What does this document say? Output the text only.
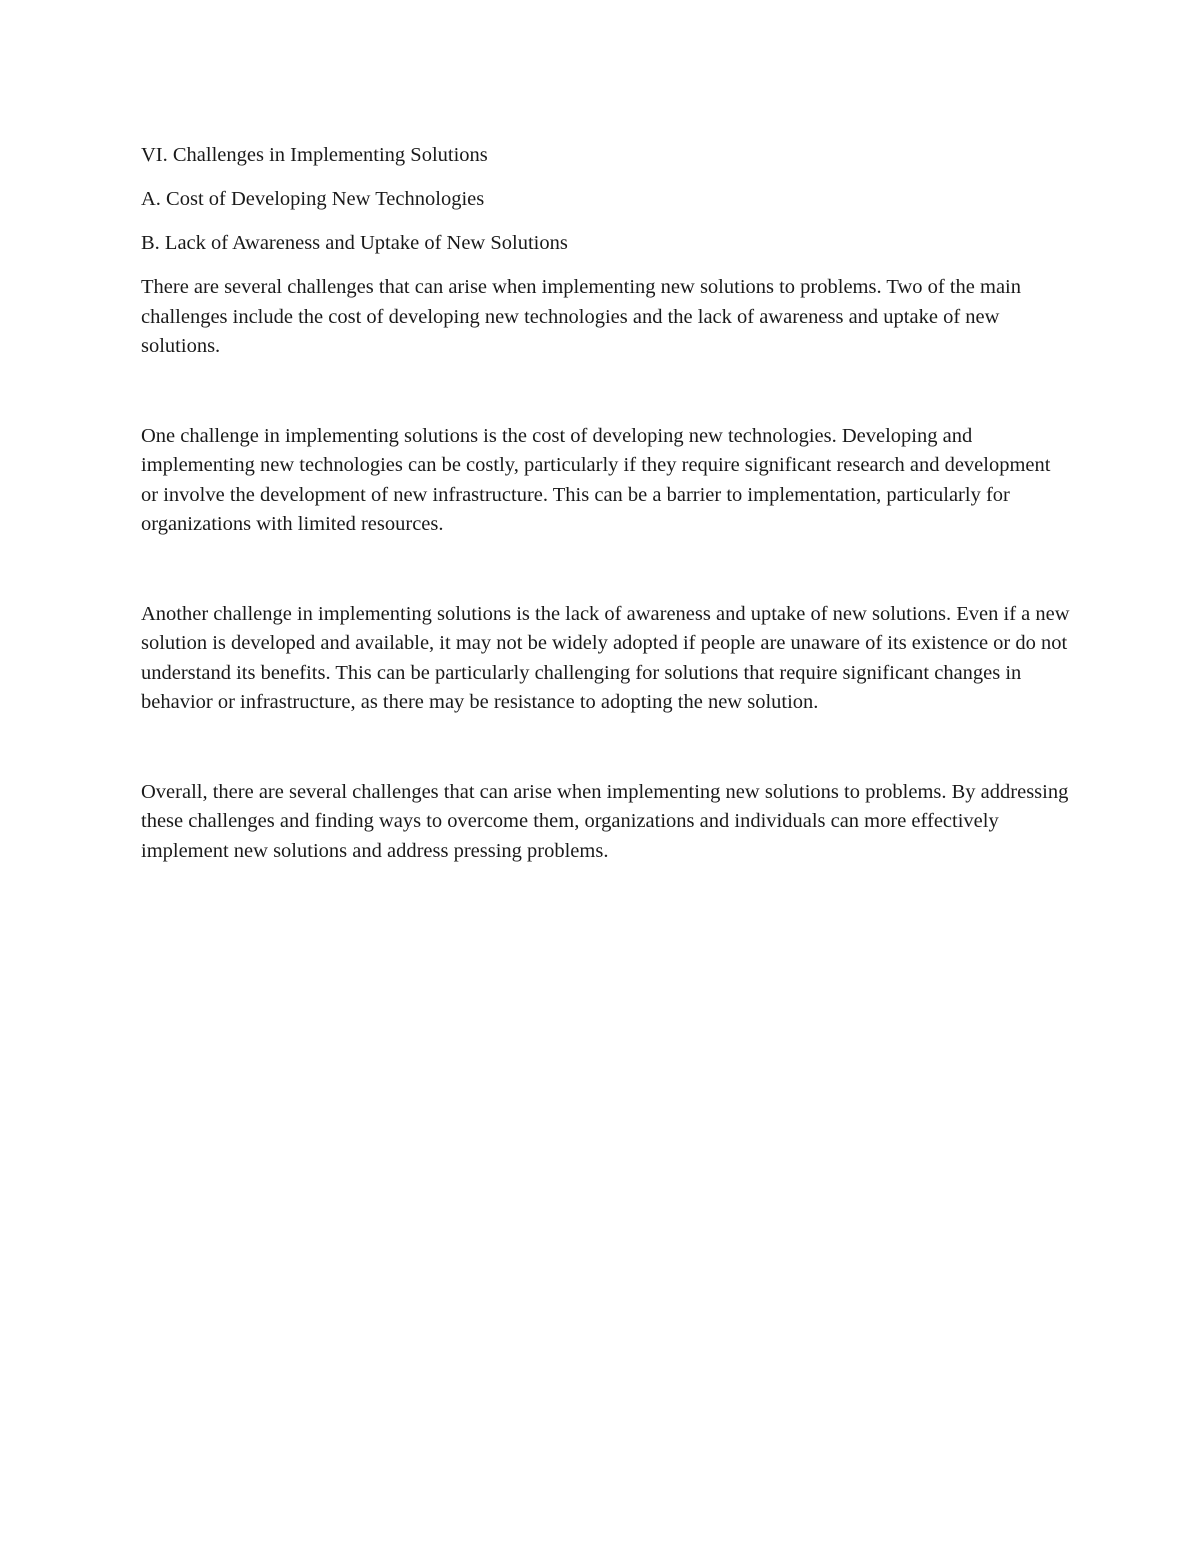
VI. Challenges in Implementing Solutions

A. Cost of Developing New Technologies

B. Lack of Awareness and Uptake of New Solutions

There are several challenges that can arise when implementing new solutions to problems. Two of the main challenges include the cost of developing new technologies and the lack of awareness and uptake of new solutions.

One challenge in implementing solutions is the cost of developing new technologies. Developing and implementing new technologies can be costly, particularly if they require significant research and development or involve the development of new infrastructure. This can be a barrier to implementation, particularly for organizations with limited resources.

Another challenge in implementing solutions is the lack of awareness and uptake of new solutions. Even if a new solution is developed and available, it may not be widely adopted if people are unaware of its existence or do not understand its benefits. This can be particularly challenging for solutions that require significant changes in behavior or infrastructure, as there may be resistance to adopting the new solution.

Overall, there are several challenges that can arise when implementing new solutions to problems. By addressing these challenges and finding ways to overcome them, organizations and individuals can more effectively implement new solutions and address pressing problems.
